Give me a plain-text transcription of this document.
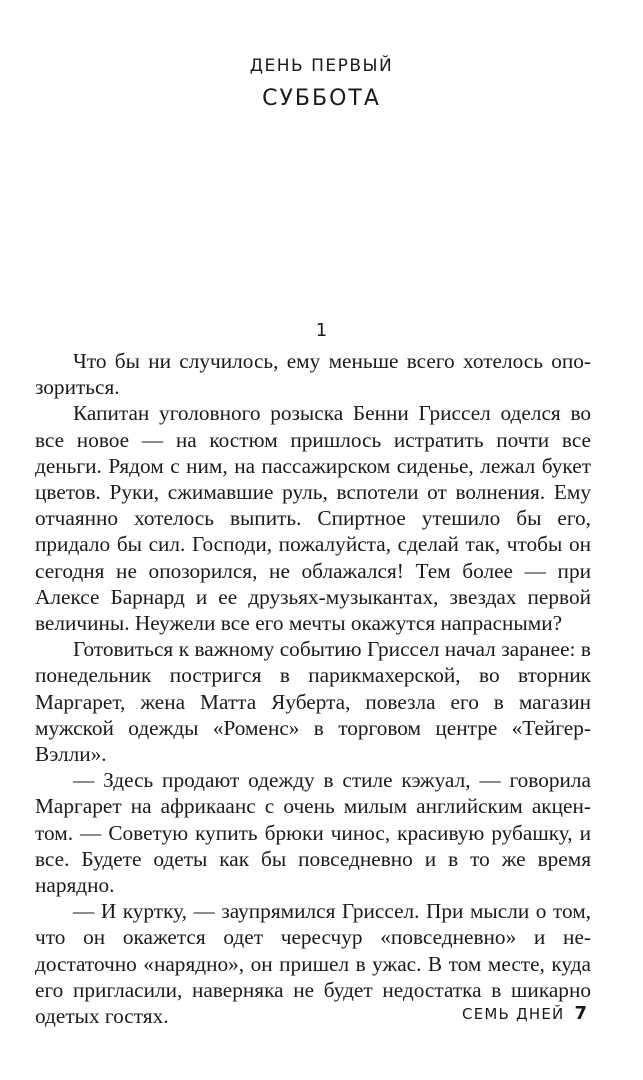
ДЕНЬ ПЕРВЫЙ
СУББОТА
1

Что бы ни случилось, ему меньше всего хотелось опозориться.

Капитан уголовного розыска Бенни Гриссел оделся во все новое — на костюм пришлось истратить почти все деньги. Рядом с ним, на пассажирском сиденье, лежал букет цветов. Руки, сжимавшие руль, вспотели от волнения. Ему отчаянно хотелось выпить. Спиртное утешило бы его, придало бы сил. Господи, пожалуйста, сделай так, чтобы он сегодня не опозорился, не облажался! Тем более — при Алексе Барнард и ее друзьях-музыкантах, звездах первой величины. Неужели все его мечты окажутся напрасными?

Готовиться к важному событию Гриссел начал заранее: в понедельник постригся в парикмахерской, во вторник Маргарет, жена Матта Яуберта, повезла его в магазин мужской одежды «Роменс» в торговом центре «Тейгер-Вэлли».

— Здесь продают одежду в стиле кэжуал, — говорила Маргарет на африкаанс с очень милым английским акцентом. — Советую купить брюки чинос, красивую рубашку, и все. Будете одеты как бы повседневно и в то же время нарядно.

— И куртку, — заупрямился Гриссел. При мысли о том, что он окажется одет чересчур «повседневно» и недостаточно «нарядно», он пришел в ужас. В том месте, куда его пригласили, наверняка не будет недостатка в шикарно одетых гостях.	СЕМЬ ДНЕЙ 7
